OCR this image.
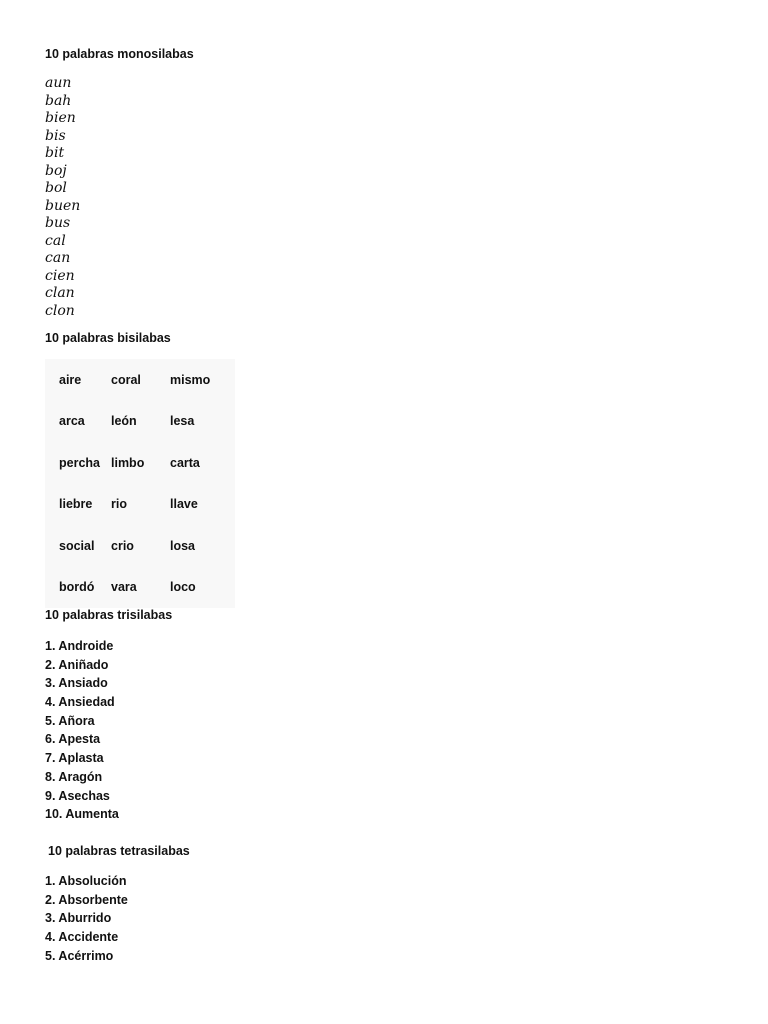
10 palabras monosilabas
aun
bah
bien
bis
bit
boj
bol
buen
bus
cal
can
cien
clan
clon
10 palabras bisilabas
aire	coral	mismo
arca	león	lesa
percha	limbo	carta
liebre	rio	llave
social	crio	losa
bordó	vara	loco
10 palabras trisilabas
1. Androide
2. Aniñado
3. Ansiado
4. Ansiedad
5. Añora
6. Apesta
7. Aplasta
8. Aragón
9. Asechas
10. Aumenta
10 palabras tetrasilabas
1. Absolución
2. Absorbente
3. Aburrido
4. Accidente
5. Acérrimo
